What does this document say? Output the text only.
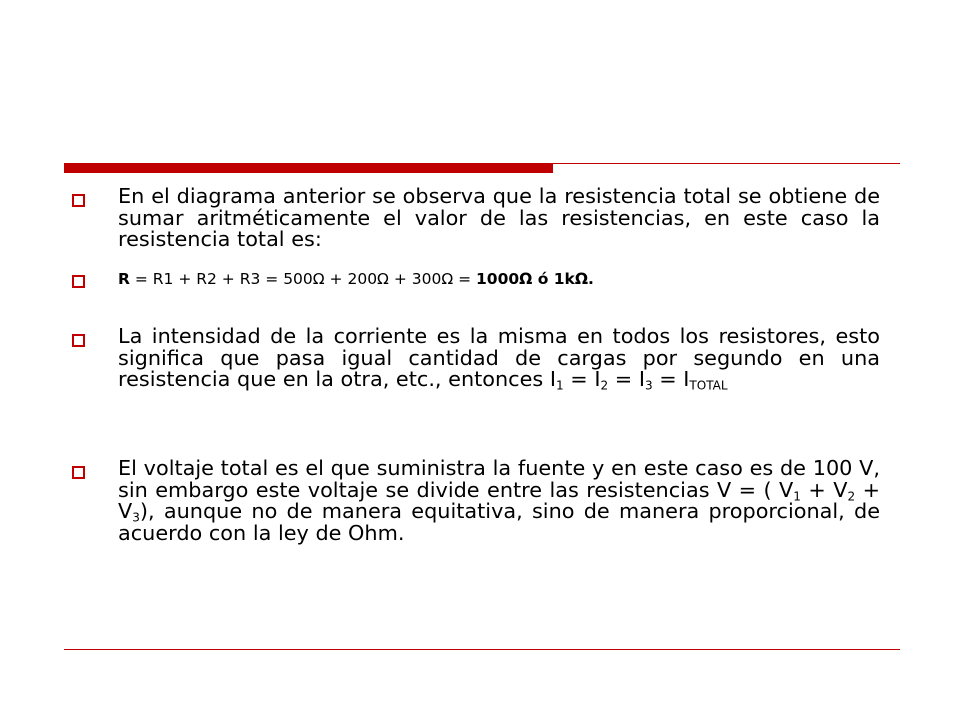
En el diagrama anterior se observa que la resistencia total se obtiene de sumar aritméticamente el valor de las resistencias, en este caso la resistencia total es:
R = R1 + R2 + R3 = 500Ω + 200Ω + 300Ω = 1000Ω ó 1kΩ.
La intensidad de la corriente es la misma en todos los resistores, esto significa que pasa igual cantidad de cargas por segundo en una resistencia que en la otra, etc., entonces $I_1 = I_2 = I_3 = I_{TOTAL}$
El voltaje total es el que suministra la fuente y en este caso es de 100 V, sin embargo este voltaje se divide entre las resistencias V = ( $V_1 + V_2 + V_3$), aunque no de manera equitativa, sino de manera proporcional, de acuerdo con la ley de Ohm.
